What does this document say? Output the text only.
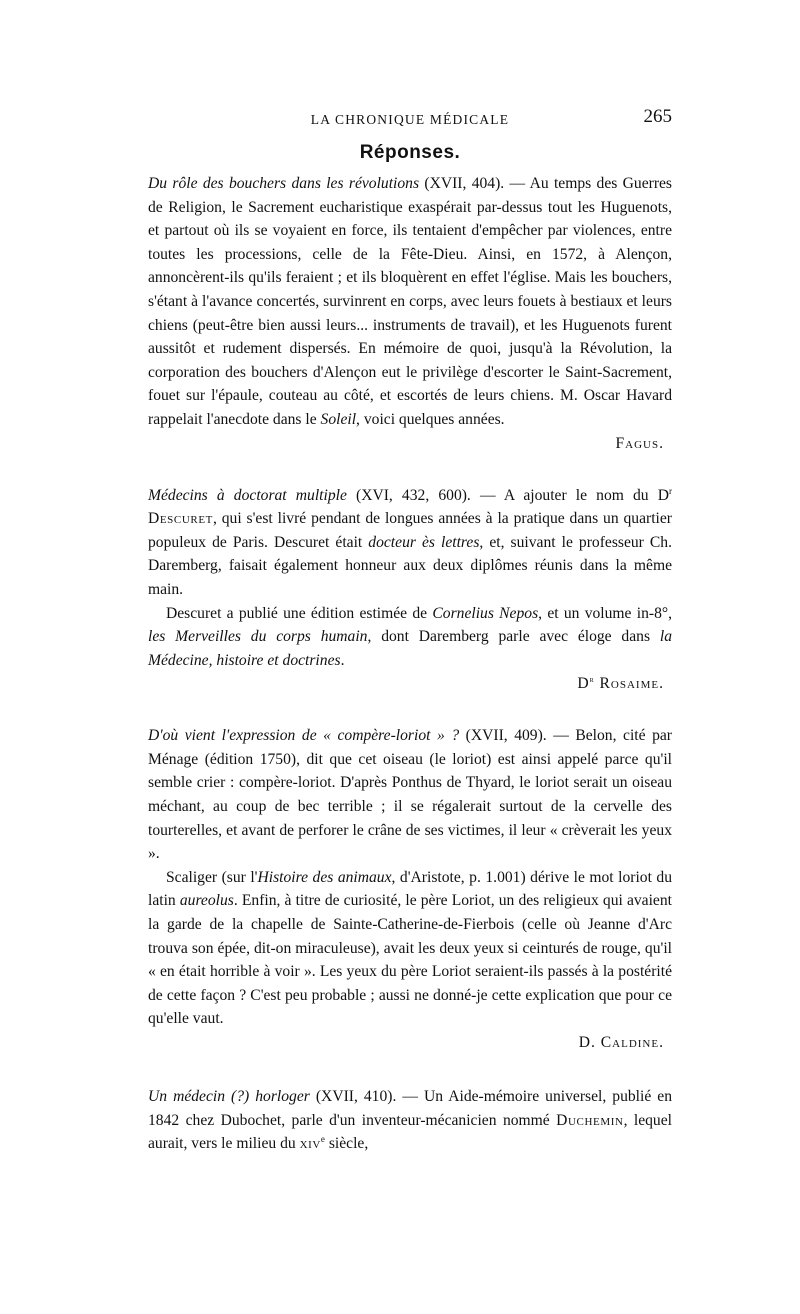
LA CHRONIQUE MÉDICALE	265
Réponses.

Du rôle des bouchers dans les révolutions (XVII, 404). — Au temps des Guerres de Religion, le Sacrement eucharistique exaspérait par-dessus tout les Huguenots, et partout où ils se voyaient en force, ils tentaient d'empêcher par violences, entre toutes les processions, celle de la Fête-Dieu. Ainsi, en 1572, à Alençon, annoncèrent-ils qu'ils feraient ; et ils bloquèrent en effet l'église. Mais les bouchers, s'étant à l'avance concertés, survinrent en corps, avec leurs fouets à bestiaux et leurs chiens (peut-être bien aussi leurs... instruments de travail), et les Huguenots furent aussitôt et rudement dispersés. En mémoire de quoi, jusqu'à la Révolution, la corporation des bouchers d'Alençon eut le privilège d'escorter le Saint-Sacrement, fouet sur l'épaule, couteau au côté, et escortés de leurs chiens. M. Oscar Havard rappelait l'anecdote dans le Soleil, voici quelques années.

Fagus.

Médecins à doctorat multiple (XVI, 432, 600). — A ajouter le nom du $D^r$ Descuret, qui s'est livré pendant de longues années à la pratique dans un quartier populeux de Paris. Descuret était docteur ès lettres, et, suivant le professeur Ch. Daremberg, faisait également honneur aux deux diplômes réunis dans la même main.

Descuret a publié une édition estimée de Cornelius Nepos, et un volume in-8°, les Merveilles du corps humain, dont Daremberg parle avec éloge dans la Médecine, histoire et doctrines.

$D^r$ Rosaime.

D'où vient l'expression de « compère-loriot » ? (XVII, 409). — Belon, cité par Ménage (édition 1750), dit que cet oiseau (le loriot) est ainsi appelé parce qu'il semble crier : compère-loriot. D'après Ponthus de Thyard, le loriot serait un oiseau méchant, au coup de bec terrible ; il se régalerait surtout de la cervelle des tourterelles, et avant de perforer le crâne de ses victimes, il leur « crèverait les yeux ».

Scaliger (sur l'Histoire des animaux, d'Aristote, p. 1.001) dérive le mot loriot du latin aureolus. Enfin, à titre de curiosité, le père Loriot, un des religieux qui avaient la garde de la chapelle de Sainte-Catherine-de-Fierbois (celle où Jeanne d'Arc trouva son épée, dit-on miraculeuse), avait les deux yeux si ceinturés de rouge, qu'il « en était horrible à voir ». Les yeux du père Loriot seraient-ils passés à la postérité de cette façon ? C'est peu probable ; aussi ne donné-je cette explication que pour ce qu'elle vaut.

D. Caldine.

Un médecin (?) horloger (XVII, 410). — Un Aide-mémoire universel, publié en 1842 chez Dubochet, parle d'un inventeur-mécanicien nommé Duchemin, lequel aurait, vers le milieu du xiv$^e$ siècle,
